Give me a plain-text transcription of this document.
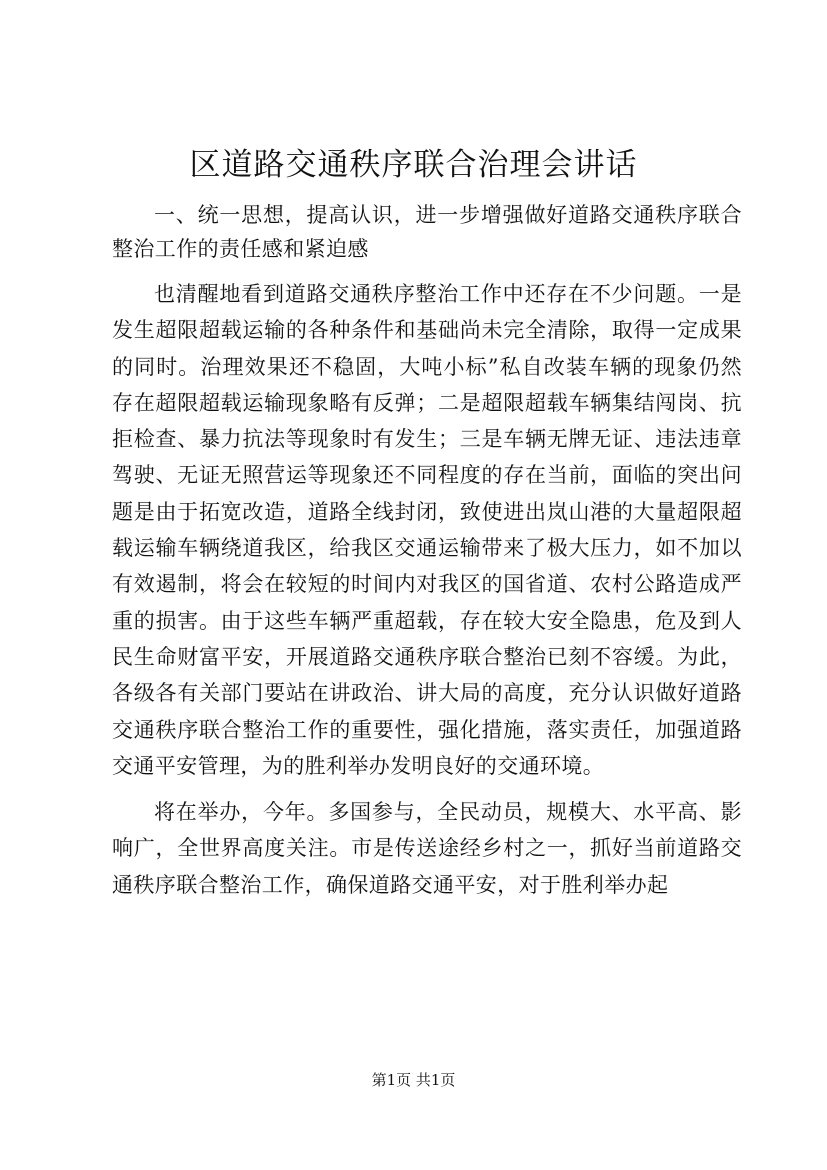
区道路交通秩序联合治理会讲话

一、统一思想，提高认识，进一步增强做好道路交通秩序联合整治工作的责任感和紧迫感

也清醒地看到道路交通秩序整治工作中还存在不少问题。一是发生超限超载运输的各种条件和基础尚未完全清除，取得一定成果的同时。治理效果还不稳固，大吨小标”私自改装车辆的现象仍然存在超限超载运输现象略有反弹；二是超限超载车辆集结闯岗、抗拒检查、暴力抗法等现象时有发生；三是车辆无牌无证、违法违章驾驶、无证无照营运等现象还不同程度的存在当前，面临的突出问题是由于拓宽改造，道路全线封闭，致使进出岚山港的大量超限超载运输车辆绕道我区，给我区交通运输带来了极大压力，如不加以有效遏制，将会在较短的时间内对我区的国省道、农村公路造成严重的损害。由于这些车辆严重超载，存在较大安全隐患，危及到人民生命财富平安，开展道路交通秩序联合整治已刻不容缓。为此，各级各有关部门要站在讲政治、讲大局的高度，充分认识做好道路交通秩序联合整治工作的重要性，强化措施，落实责任，加强道路交通平安管理，为的胜利举办发明良好的交通环境。

将在举办，今年。多国参与，全民动员，规模大、水平高、影响广，全世界高度关注。市是传送途经乡村之一，抓好当前道路交通秩序联合整治工作，确保道路交通平安，对于胜利举办起

第1页 共1页
